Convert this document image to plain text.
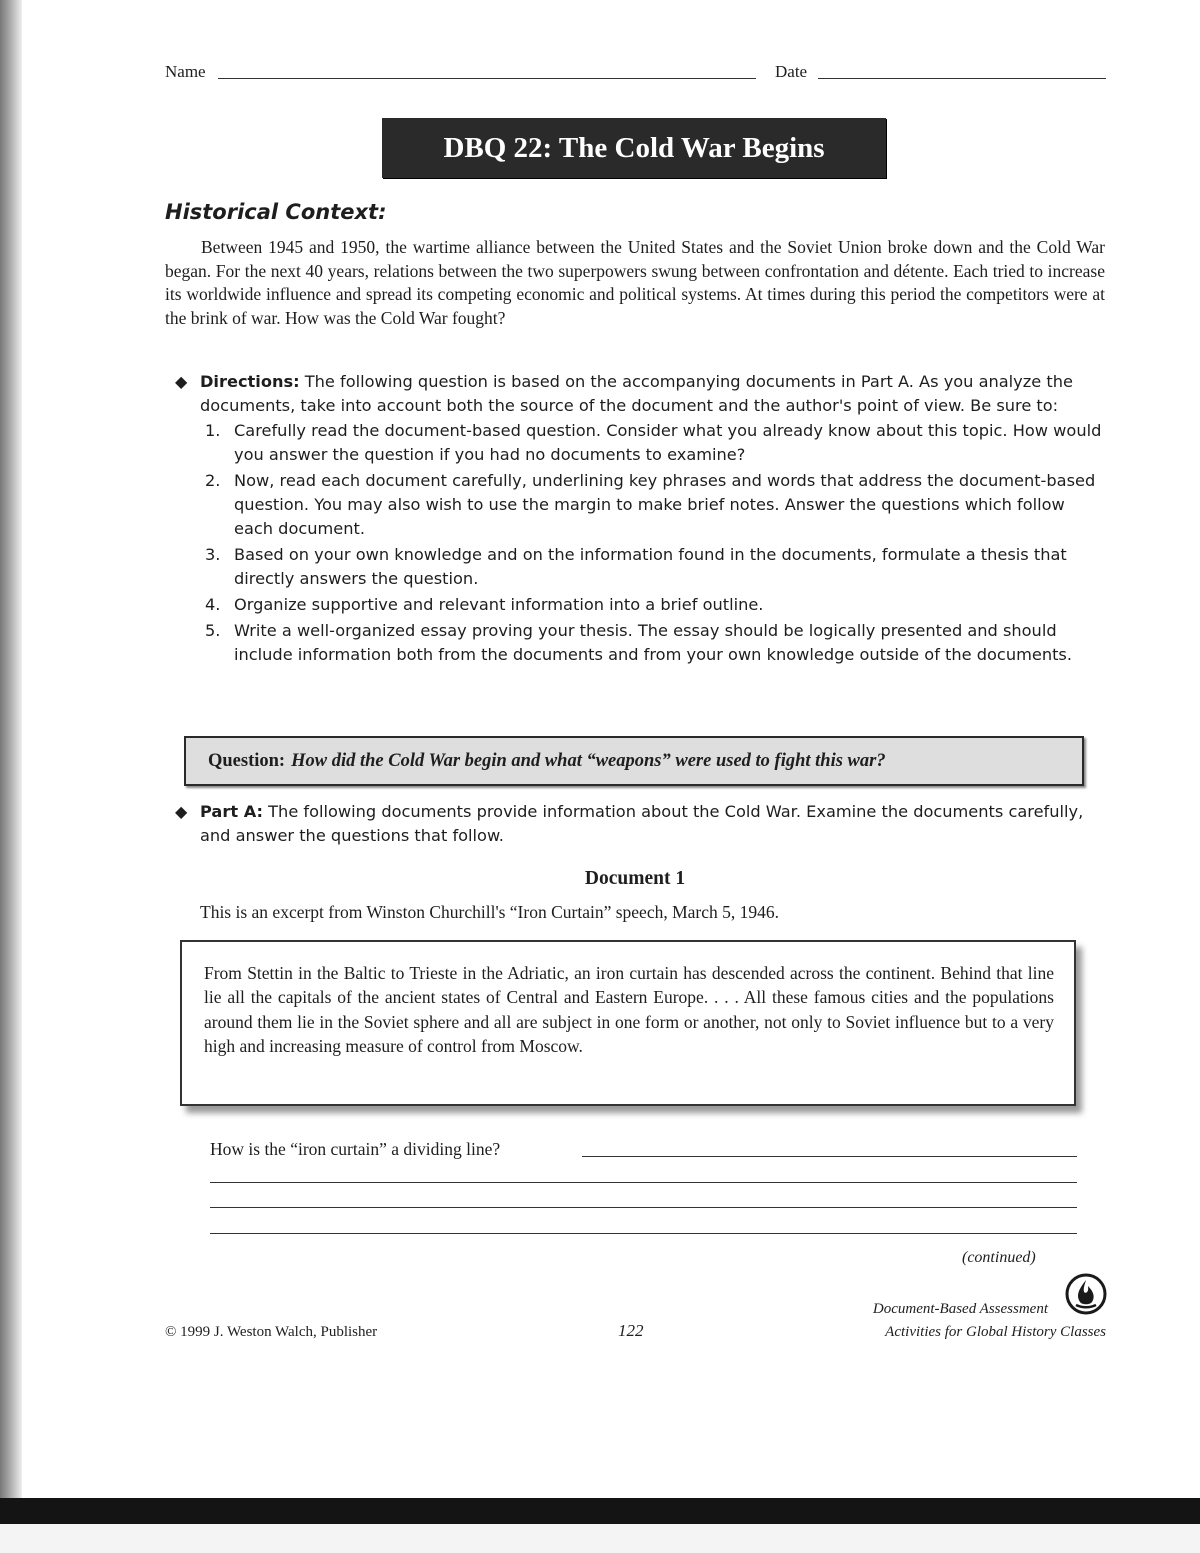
Name	Date
DBQ 22: The Cold War Begins
Historical Context:
Between 1945 and 1950, the wartime alliance between the United States and the Soviet Union broke down and the Cold War began. For the next 40 years, relations between the two superpowers swung between confrontation and détente. Each tried to increase its worldwide influence and spread its competing economic and political systems. At times during this period the competitors were at the brink of war. How was the Cold War fought?
◆ Directions: The following question is based on the accompanying documents in Part A. As you analyze the documents, take into account both the source of the document and the author's point of view. Be sure to:
1. Carefully read the document-based question. Consider what you already know about this topic. How would you answer the question if you had no documents to examine?
2. Now, read each document carefully, underlining key phrases and words that address the document-based question. You may also wish to use the margin to make brief notes. Answer the questions which follow each document.
3. Based on your own knowledge and on the information found in the documents, formulate a thesis that directly answers the question.
4. Organize supportive and relevant information into a brief outline.
5. Write a well-organized essay proving your thesis. The essay should be logically presented and should include information both from the documents and from your own knowledge outside of the documents.
Question: How did the Cold War begin and what “weapons” were used to fight this war?
◆ Part A: The following documents provide information about the Cold War. Examine the documents carefully, and answer the questions that follow.
Document 1
This is an excerpt from Winston Churchill's “Iron Curtain” speech, March 5, 1946.
From Stettin in the Baltic to Trieste in the Adriatic, an iron curtain has descended across the continent. Behind that line lie all the capitals of the ancient states of Central and Eastern Europe. . . . All these famous cities and the populations around them lie in the Soviet sphere and all are subject in one form or another, not only to Soviet influence but to a very high and increasing measure of control from Moscow.
How is the “iron curtain” a dividing line?
(continued)
© 1999 J. Weston Walch, Publisher	122
Document-Based Assessment
Activities for Global History Classes
